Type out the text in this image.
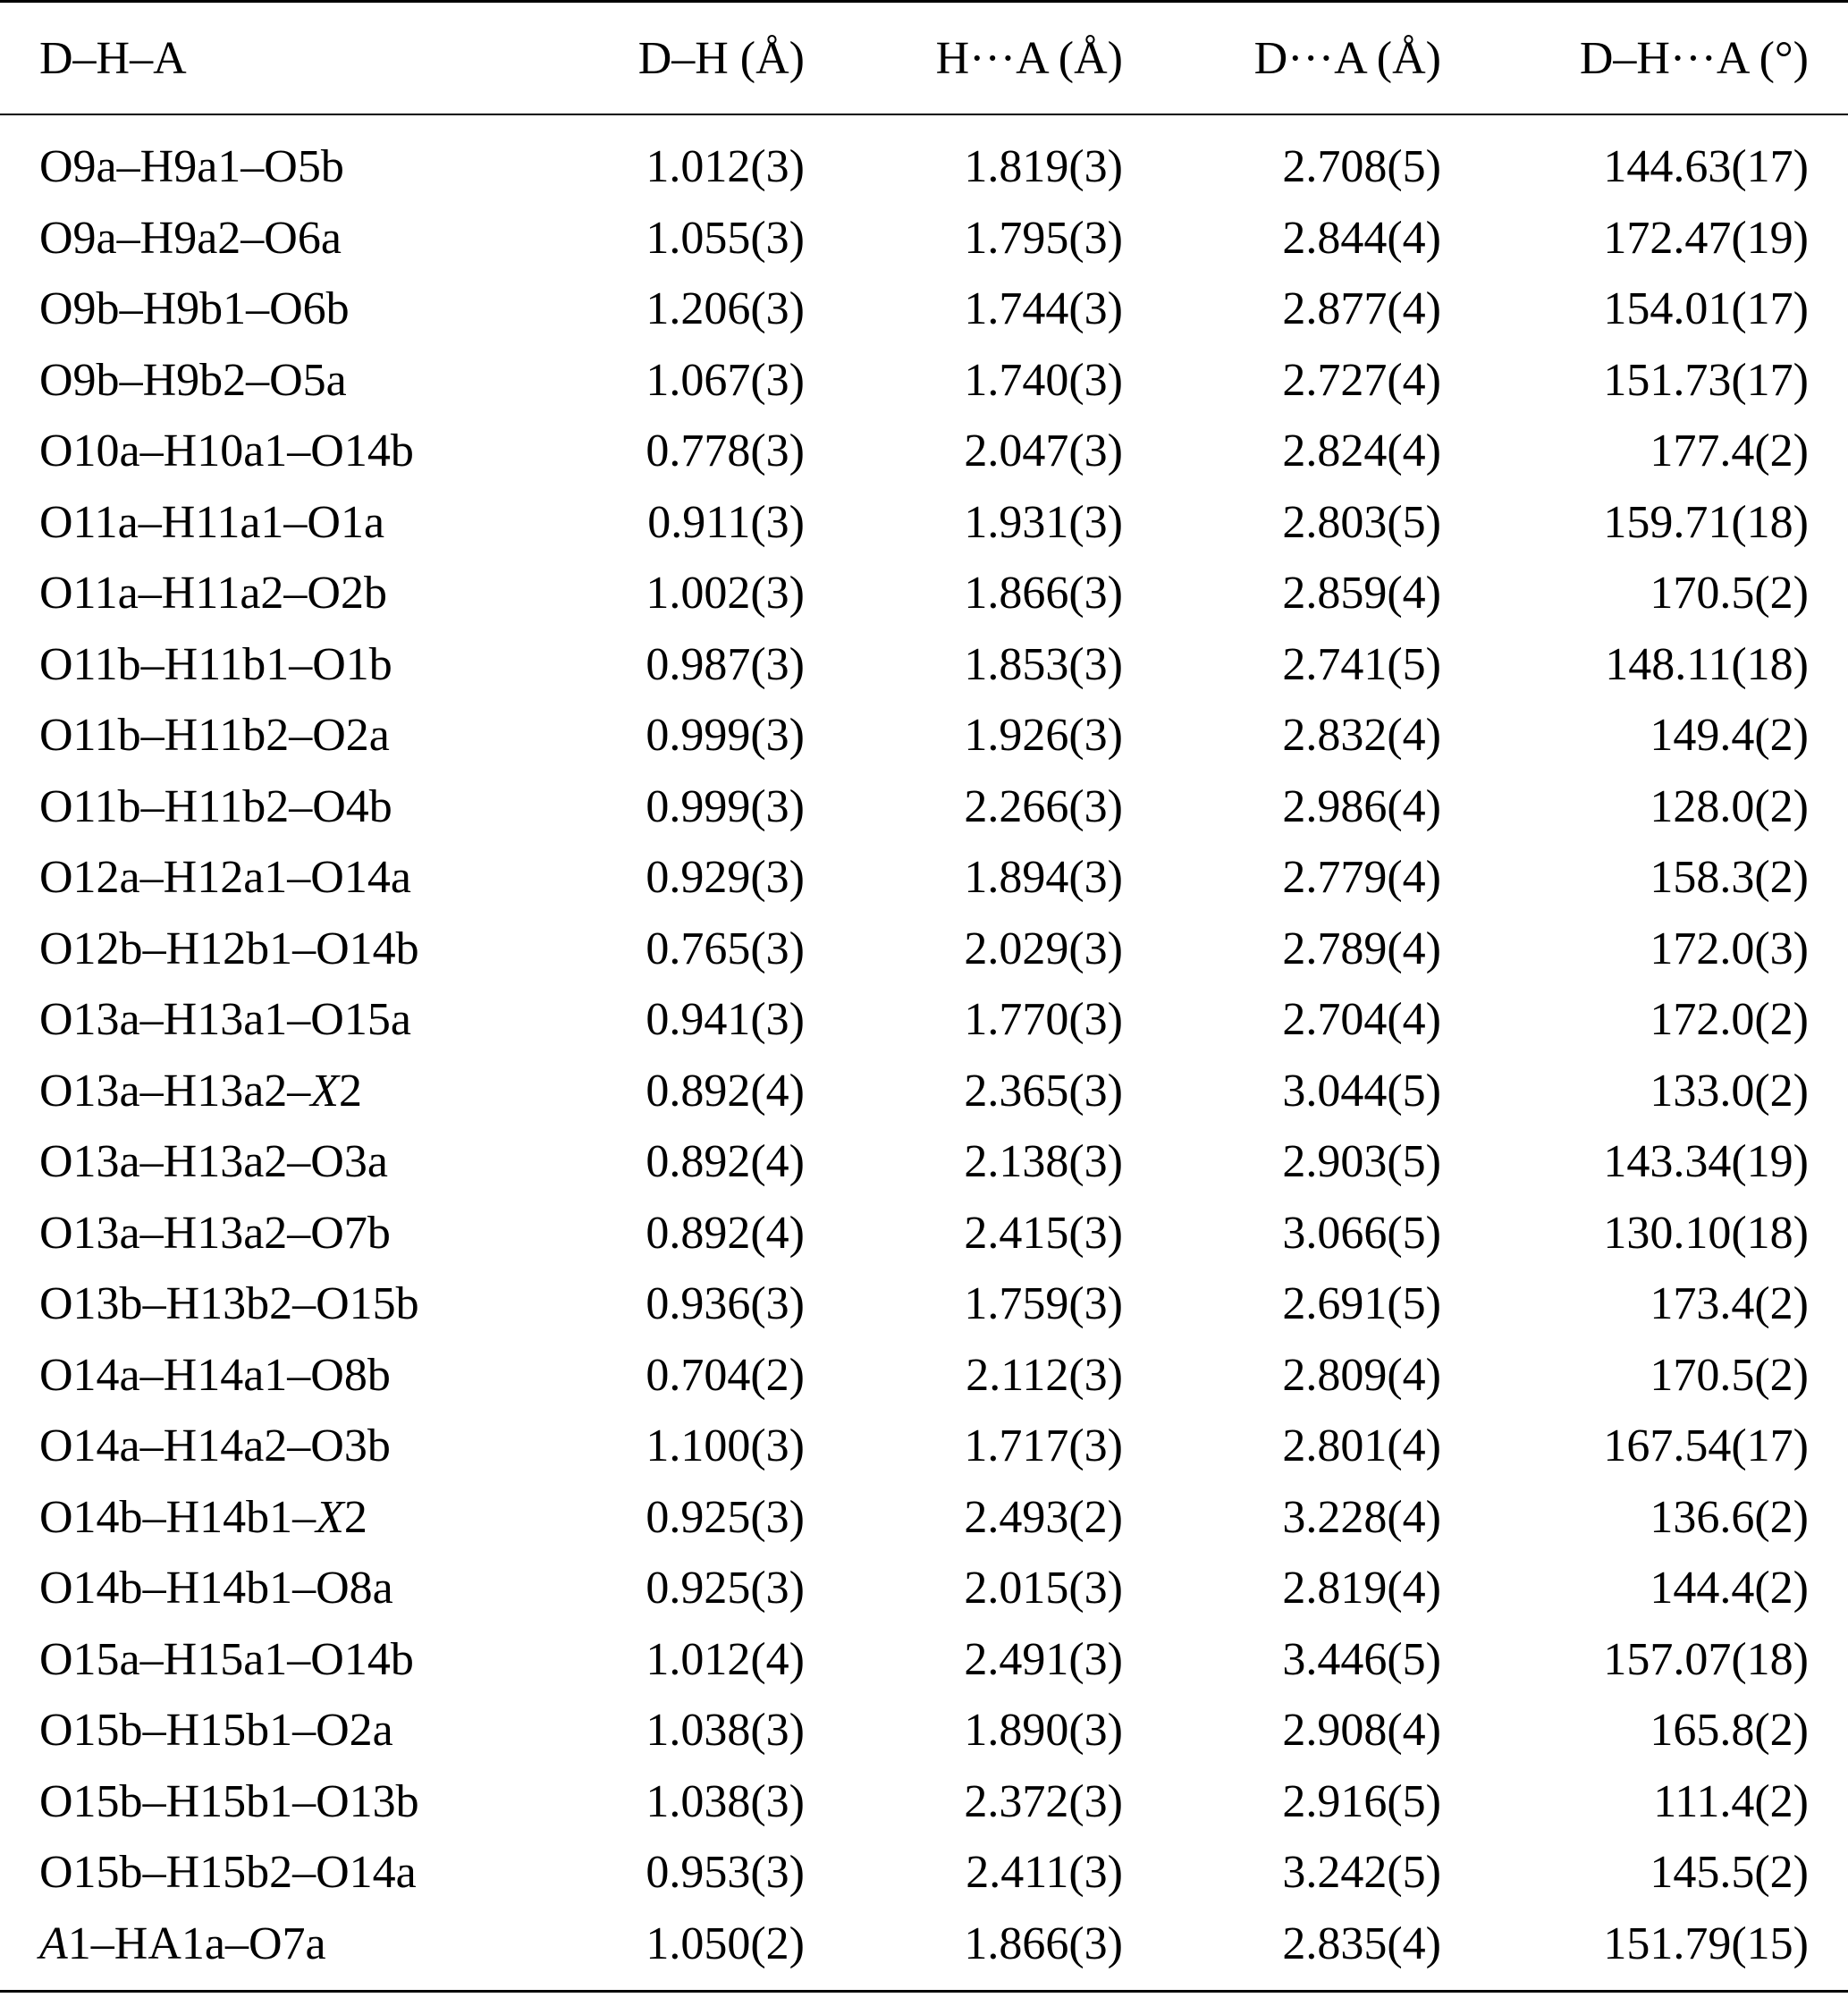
D–H–A	D–H (Å)	H···A (Å)	D···A (Å)	D–H···A (°)
O9a–H9a1–O5b	1.012(3)	1.819(3)	2.708(5)	144.63(17)
O9a–H9a2–O6a	1.055(3)	1.795(3)	2.844(4)	172.47(19)
O9b–H9b1–O6b	1.206(3)	1.744(3)	2.877(4)	154.01(17)
O9b–H9b2–O5a	1.067(3)	1.740(3)	2.727(4)	151.73(17)
O10a–H10a1–O14b	0.778(3)	2.047(3)	2.824(4)	177.4(2)
O11a–H11a1–O1a	0.911(3)	1.931(3)	2.803(5)	159.71(18)
O11a–H11a2–O2b	1.002(3)	1.866(3)	2.859(4)	170.5(2)
O11b–H11b1–O1b	0.987(3)	1.853(3)	2.741(5)	148.11(18)
O11b–H11b2–O2a	0.999(3)	1.926(3)	2.832(4)	149.4(2)
O11b–H11b2–O4b	0.999(3)	2.266(3)	2.986(4)	128.0(2)
O12a–H12a1–O14a	0.929(3)	1.894(3)	2.779(4)	158.3(2)
O12b–H12b1–O14b	0.765(3)	2.029(3)	2.789(4)	172.0(3)
O13a–H13a1–O15a	0.941(3)	1.770(3)	2.704(4)	172.0(2)
O13a–H13a2–X2	0.892(4)	2.365(3)	3.044(5)	133.0(2)
O13a–H13a2–O3a	0.892(4)	2.138(3)	2.903(5)	143.34(19)
O13a–H13a2–O7b	0.892(4)	2.415(3)	3.066(5)	130.10(18)
O13b–H13b2–O15b	0.936(3)	1.759(3)	2.691(5)	173.4(2)
O14a–H14a1–O8b	0.704(2)	2.112(3)	2.809(4)	170.5(2)
O14a–H14a2–O3b	1.100(3)	1.717(3)	2.801(4)	167.54(17)
O14b–H14b1–X2	0.925(3)	2.493(2)	3.228(4)	136.6(2)
O14b–H14b1–O8a	0.925(3)	2.015(3)	2.819(4)	144.4(2)
O15a–H15a1–O14b	1.012(4)	2.491(3)	3.446(5)	157.07(18)
O15b–H15b1–O2a	1.038(3)	1.890(3)	2.908(4)	165.8(2)
O15b–H15b1–O13b	1.038(3)	2.372(3)	2.916(5)	111.4(2)
O15b–H15b2–O14a	0.953(3)	2.411(3)	3.242(5)	145.5(2)
A1–HA1a–O7a	1.050(2)	1.866(3)	2.835(4)	151.79(15)
